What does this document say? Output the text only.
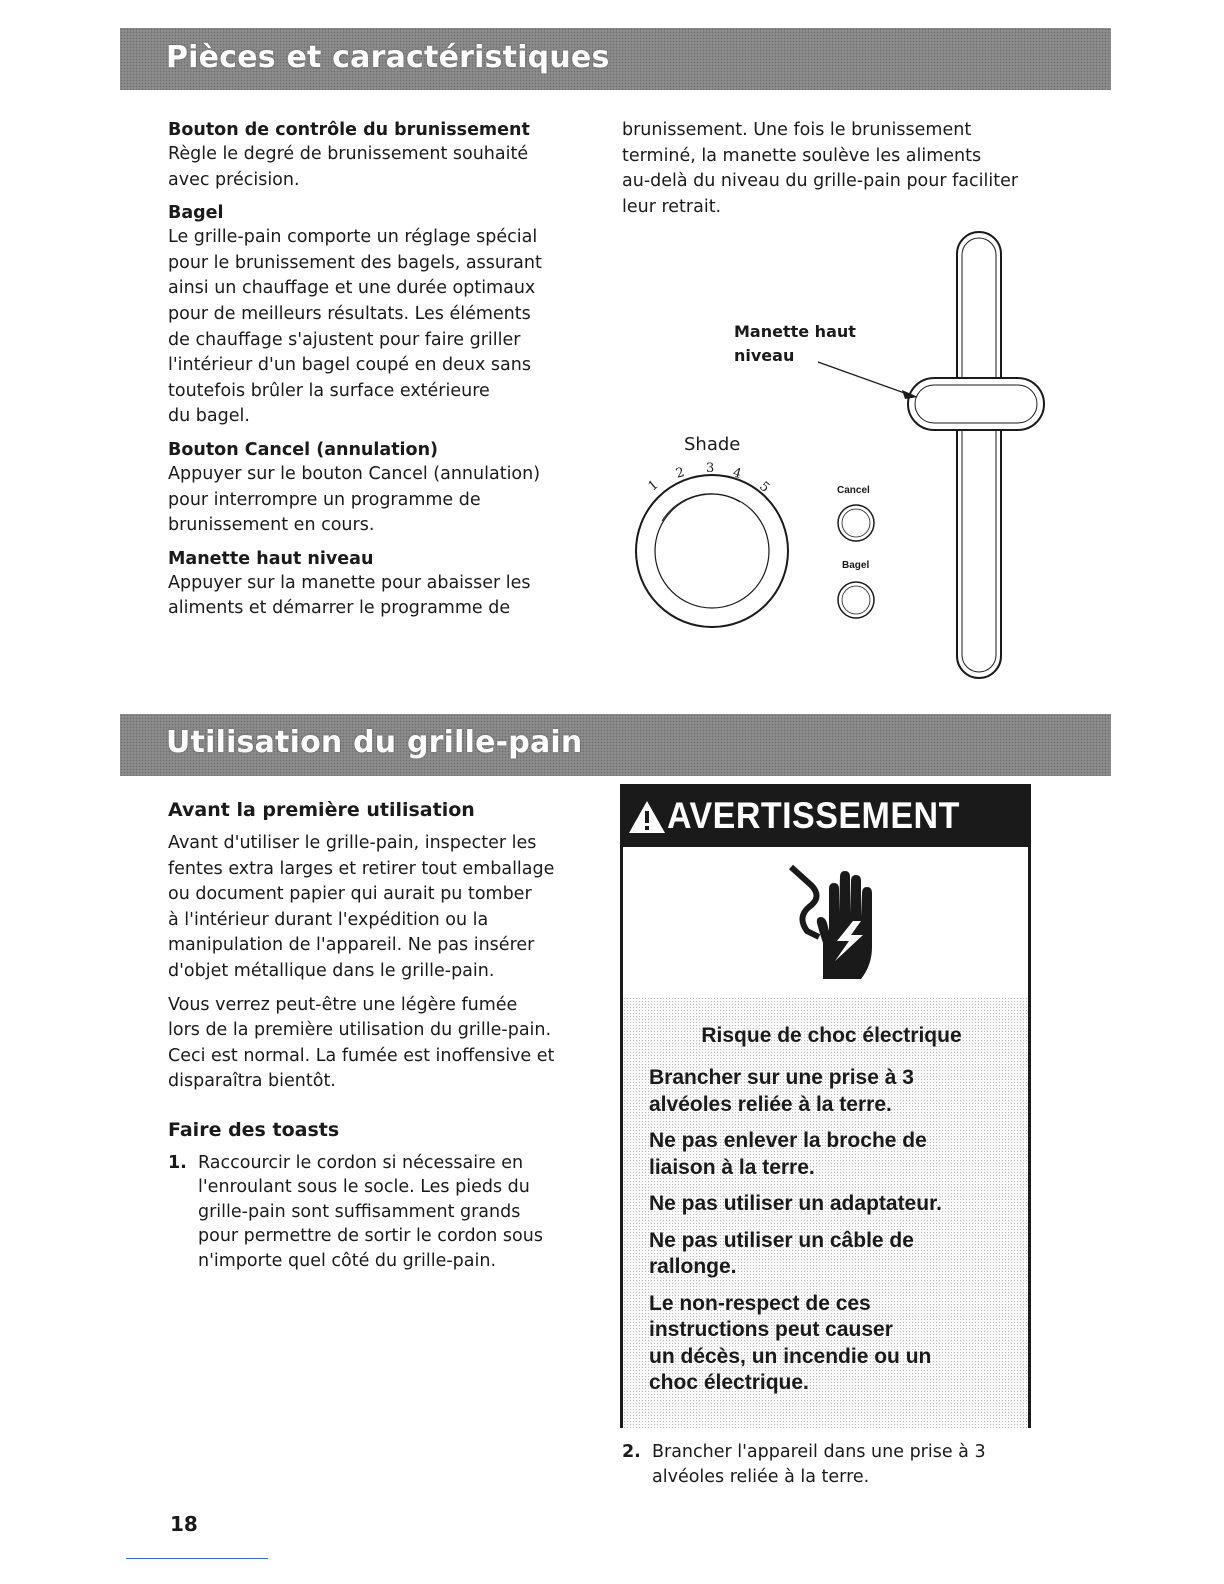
Pièces et caractéristiques
Bouton de contrôle du brunissement

Règle le degré de brunissement souhaité
avec précision.

Bagel

Le grille-pain comporte un réglage spécial
pour le brunissement des bagels, assurant
ainsi un chauffage et une durée optimaux
pour de meilleurs résultats. Les éléments
de chauffage s'ajustent pour faire griller
l'intérieur d'un bagel coupé en deux sans
toutefois brûler la surface extérieure
du bagel.

Bouton Cancel (annulation)

Appuyer sur le bouton Cancel (annulation)
pour interrompre un programme de
brunissement en cours.

Manette haut niveau

Appuyer sur la manette pour abaisser les
aliments et démarrer le programme de

brunissement. Une fois le brunissement
terminé, la manette soulève les aliments
au-delà du niveau du grille-pain pour faciliter
leur retrait.

Manette haut
niveau
Shade
1
2 3 4
5	Cancel
Bagel
Utilisation du grille-pain
Avant la première utilisation

Avant d'utiliser le grille-pain, inspecter les
fentes extra larges et retirer tout emballage
ou document papier qui aurait pu tomber
à l'intérieur durant l'expédition ou la
manipulation de l'appareil. Ne pas insérer
d'objet métallique dans le grille-pain.

Vous verrez peut-être une légère fumée
lors de la première utilisation du grille-pain.
Ceci est normal. La fumée est inoffensive et
disparaîtra bientôt.

Faire des toasts
1. Raccourcir le cordon si nécessaire en
l'enroulant sous le socle. Les pieds du
grille-pain sont suffisamment grands
pour permettre de sortir le cordon sous
n'importe quel côté du grille-pain.

AVERTISSEMENT

Risque de choc électrique

Brancher sur une prise à 3
alvéoles reliée à la terre.

Ne pas enlever la broche de
liaison à la terre.

Ne pas utiliser un adaptateur.

Ne pas utiliser un câble de
rallonge.

Le non-respect de ces
instructions peut causer
un décès, un incendie ou un
choc électrique.

2. Brancher l'appareil dans une prise à 3
alvéoles reliée à la terre.

18
